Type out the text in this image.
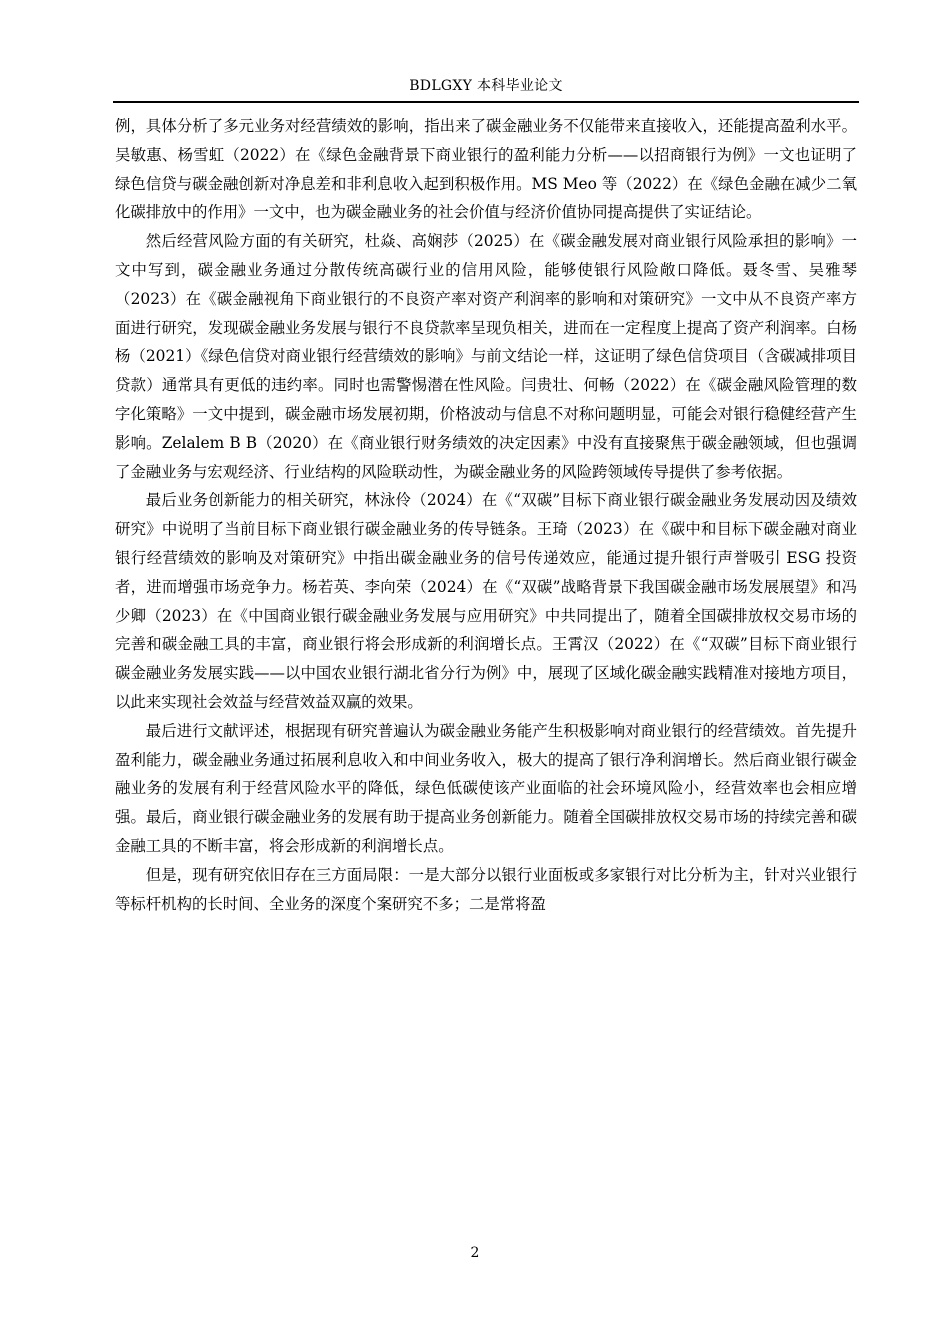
BDLGXY 本科毕业论文

例，具体分析了多元业务对经营绩效的影响，指出来了碳金融业务不仅能带来直接收入，还能提高盈利水平。吴敏惠、杨雪虹（2022）在《绿色金融背景下商业银行的盈利能力分析——以招商银行为例》一文也证明了绿色信贷与碳金融创新对净息差和非利息收入起到积极作用。MS Meo 等（2022）在《绿色金融在减少二氧化碳排放中的作用》一文中，也为碳金融业务的社会价值与经济价值协同提高提供了实证结论。

然后经营风险方面的有关研究，杜焱、高娴莎（2025）在《碳金融发展对商业银行风险承担的影响》一文中写到，碳金融业务通过分散传统高碳行业的信用风险，能够使银行风险敞口降低。聂冬雪、吴雅琴（2023）在《碳金融视角下商业银行的不良资产率对资产利润率的影响和对策研究》一文中从不良资产率方面进行研究，发现碳金融业务发展与银行不良贷款率呈现负相关，进而在一定程度上提高了资产利润率。白杨杨（2021）《绿色信贷对商业银行经营绩效的影响》与前文结论一样，这证明了绿色信贷项目（含碳减排项目贷款）通常具有更低的违约率。同时也需警惕潜在性风险。闫贵壮、何畅（2022）在《碳金融风险管理的数字化策略》一文中提到，碳金融市场发展初期，价格波动与信息不对称问题明显，可能会对银行稳健经营产生影响。Zelalem B B（2020）在《商业银行财务绩效的决定因素》中没有直接聚焦于碳金融领域，但也强调了金融业务与宏观经济、行业结构的风险联动性，为碳金融业务的风险跨领域传导提供了参考依据。

最后业务创新能力的相关研究，林泳伶（2024）在《“双碳”目标下商业银行碳金融业务发展动因及绩效研究》中说明了当前目标下商业银行碳金融业务的传导链条。王琦（2023）在《碳中和目标下碳金融对商业银行经营绩效的影响及对策研究》中指出碳金融业务的信号传递效应，能通过提升银行声誉吸引 ESG 投资者，进而增强市场竞争力。杨若英、李向荣（2024）在《“双碳”战略背景下我国碳金融市场发展展望》和冯少卿（2023）在《中国商业银行碳金融业务发展与应用研究》中共同提出了，随着全国碳排放权交易市场的完善和碳金融工具的丰富，商业银行将会形成新的利润增长点。王霄汉（2022）在《“双碳”目标下商业银行碳金融业务发展实践——以中国农业银行湖北省分行为例》中，展现了区域化碳金融实践精准对接地方项目，以此来实现社会效益与经营效益双赢的效果。

最后进行文献评述，根据现有研究普遍认为碳金融业务能产生积极影响对商业银行的经营绩效。首先提升盈利能力，碳金融业务通过拓展利息收入和中间业务收入，极大的提高了银行净利润增长。然后商业银行碳金融业务的发展有利于经营风险水平的降低，绿色低碳使该产业面临的社会环境风险小，经营效率也会相应增强。最后，商业银行碳金融业务的发展有助于提高业务创新能力。随着全国碳排放权交易市场的持续完善和碳金融工具的不断丰富，将会形成新的利润增长点。

但是，现有研究依旧存在三方面局限：一是大部分以银行业面板或多家银行对比分析为主，针对兴业银行等标杆机构的长时间、全业务的深度个案研究不多；二是常将盈

2
